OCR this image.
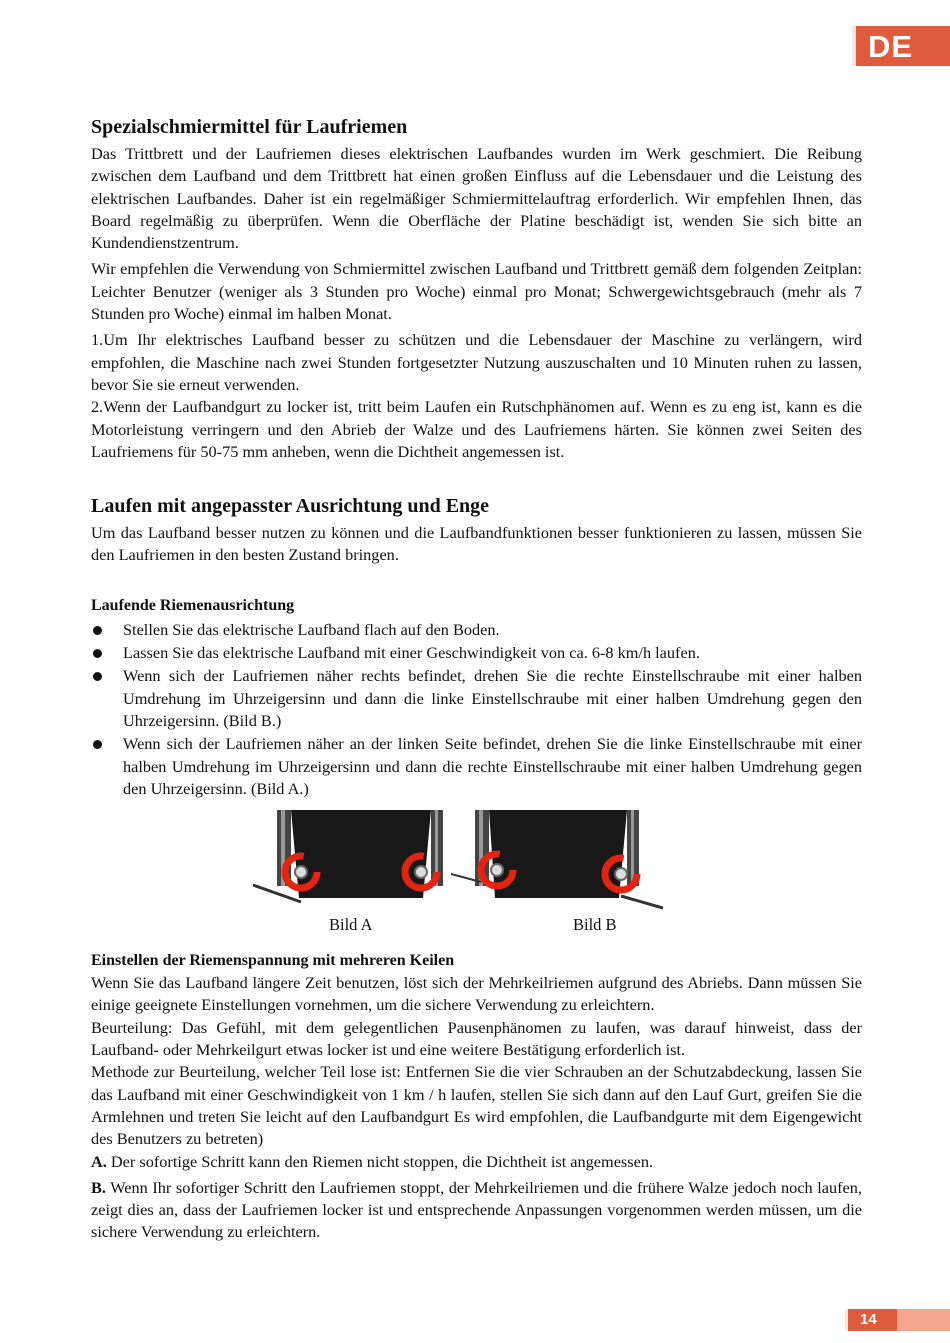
DE
Spezialschmiermittel für Laufriemen

Das Trittbrett und der Laufriemen dieses elektrischen Laufbandes wurden im Werk geschmiert. Die Reibung zwischen dem Laufband und dem Trittbrett hat einen großen Einfluss auf die Lebensdauer und die Leistung des elektrischen Laufbandes. Daher ist ein regelmäßiger Schmiermittelauftrag erforderlich. Wir empfehlen Ihnen, das Board regelmäßig zu überprüfen. Wenn die Oberfläche der Platine beschädigt ist, wenden Sie sich bitte an Kundendienstzentrum.

Wir empfehlen die Verwendung von Schmiermittel zwischen Laufband und Trittbrett gemäß dem folgenden Zeitplan: Leichter Benutzer (weniger als 3 Stunden pro Woche) einmal pro Monat; Schwergewichtsgebrauch (mehr als 7 Stunden pro Woche) einmal im halben Monat.

1.Um Ihr elektrisches Laufband besser zu schützen und die Lebensdauer der Maschine zu verlängern, wird empfohlen, die Maschine nach zwei Stunden fortgesetzter Nutzung auszuschalten und 10 Minuten ruhen zu lassen, bevor Sie sie erneut verwenden.

2.Wenn der Laufbandgurt zu locker ist, tritt beim Laufen ein Rutschphänomen auf. Wenn es zu eng ist, kann es die Motorleistung verringern und den Abrieb der Walze und des Laufriemens härten. Sie können zwei Seiten des Laufriemens für 50-75 mm anheben, wenn die Dichtheit angemessen ist.

Laufen mit angepasster Ausrichtung und Enge

Um das Laufband besser nutzen zu können und die Laufbandfunktionen besser funktionieren zu lassen, müssen Sie den Laufriemen in den besten Zustand bringen.

Laufende Riemenausrichtung
Stellen Sie das elektrische Laufband flach auf den Boden.
Lassen Sie das elektrische Laufband mit einer Geschwindigkeit von ca. 6-8 km/h laufen.
Wenn sich der Laufriemen näher rechts befindet, drehen Sie die rechte Einstellschraube mit einer halben Umdrehung im Uhrzeigersinn und dann die linke Einstellschraube mit einer halben Umdrehung gegen den Uhrzeigersinn. (Bild B.)
Wenn sich der Laufriemen näher an der linken Seite befindet, drehen Sie die linke Einstellschraube mit einer halben Umdrehung im Uhrzeigersinn und dann die rechte Einstellschraube mit einer halben Umdrehung gegen den Uhrzeigersinn. (Bild A.)
Bild A	Bild B
Einstellen der Riemenspannung mit mehreren Keilen

Wenn Sie das Laufband längere Zeit benutzen, löst sich der Mehrkeilriemen aufgrund des Abriebs. Dann müssen Sie einige geeignete Einstellungen vornehmen, um die sichere Verwendung zu erleichtern.

Beurteilung: Das Gefühl, mit dem gelegentlichen Pausenphänomen zu laufen, was darauf hinweist, dass der Laufband- oder Mehrkeilgurt etwas locker ist und eine weitere Bestätigung erforderlich ist.

Methode zur Beurteilung, welcher Teil lose ist: Entfernen Sie die vier Schrauben an der Schutzabdeckung, lassen Sie das Laufband mit einer Geschwindigkeit von 1 km / h laufen, stellen Sie sich dann auf den Lauf Gurt, greifen Sie die Armlehnen und treten Sie leicht auf den Laufbandgurt Es wird empfohlen, die Laufbandgurte mit dem Eigengewicht des Benutzers zu betreten)

A. Der sofortige Schritt kann den Riemen nicht stoppen, die Dichtheit ist angemessen.

B. Wenn Ihr sofortiger Schritt den Laufriemen stoppt, der Mehrkeilriemen und die frühere Walze jedoch noch laufen, zeigt dies an, dass der Laufriemen locker ist und entsprechende Anpassungen vorgenommen werden müssen, um die sichere Verwendung zu erleichtern.

14
